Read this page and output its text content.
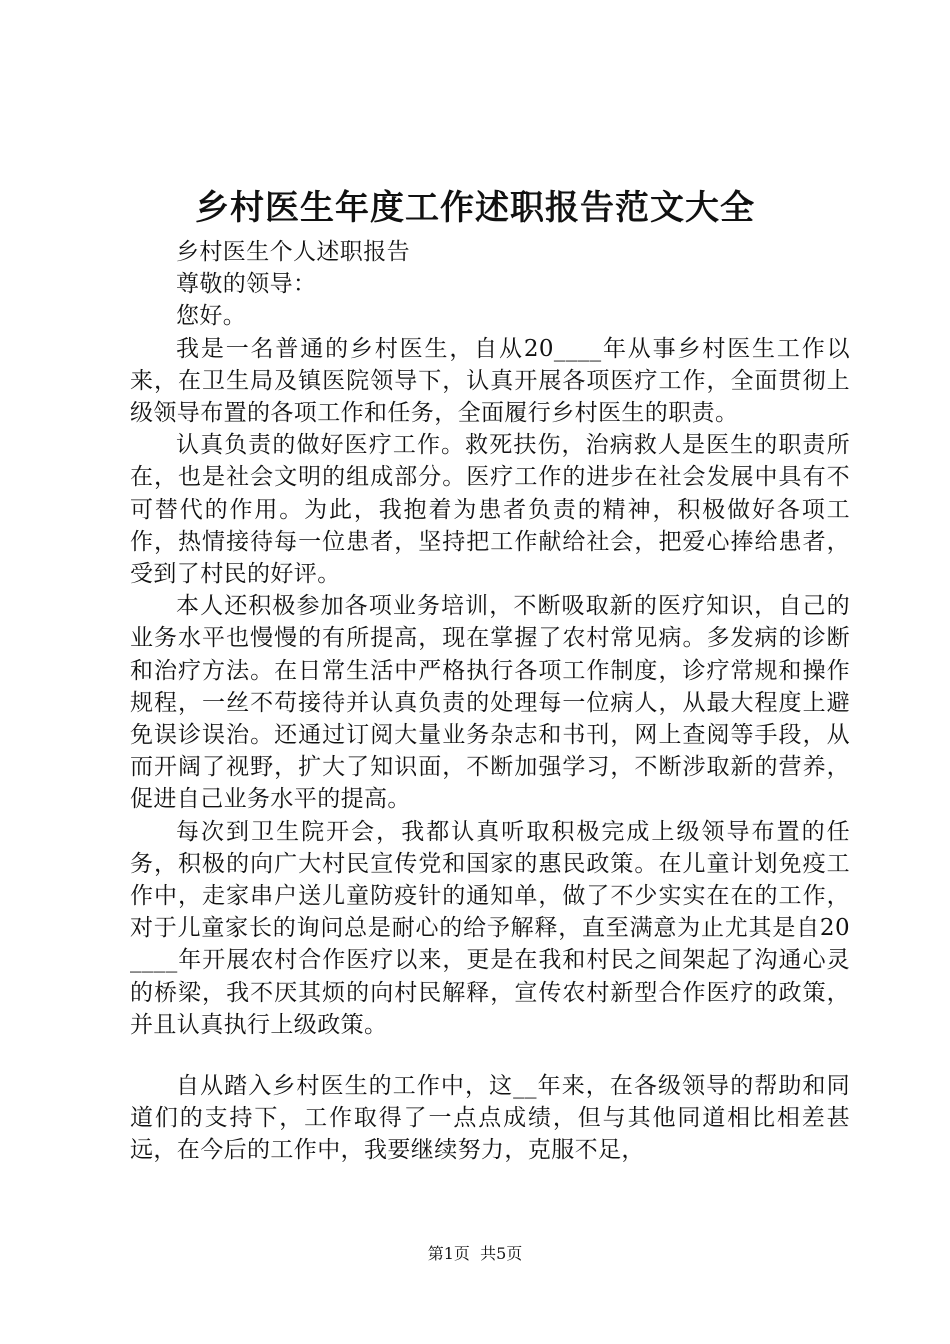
乡村医生年度工作述职报告范文大全

乡村医生个人述职报告

尊敬的领导：

您好。

我是一名普通的乡村医生，自从20____年从事乡村医生工作以来，在卫生局及镇医院领导下，认真开展各项医疗工作，全面贯彻上级领导布置的各项工作和任务，全面履行乡村医生的职责。

认真负责的做好医疗工作。救死扶伤，治病救人是医生的职责所在，也是社会文明的组成部分。医疗工作的进步在社会发展中具有不可替代的作用。为此，我抱着为患者负责的精神，积极做好各项工作，热情接待每一位患者，坚持把工作献给社会，把爱心捧给患者，受到了村民的好评。

本人还积极参加各项业务培训，不断吸取新的医疗知识，自己的业务水平也慢慢的有所提高，现在掌握了农村常见病。多发病的诊断和治疗方法。在日常生活中严格执行各项工作制度，诊疗常规和操作规程，一丝不苟接待并认真负责的处理每一位病人，从最大程度上避免误诊误治。还通过订阅大量业务杂志和书刊，网上查阅等手段，从而开阔了视野，扩大了知识面，不断加强学习，不断涉取新的营养，促进自己业务水平的提高。

每次到卫生院开会，我都认真听取积极完成上级领导布置的任务，积极的向广大村民宣传党和国家的惠民政策。在儿童计划免疫工作中，走家串户送儿童防疫针的通知单，做了不少实实在在的工作，对于儿童家长的询问总是耐心的给予解释，直至满意为止尤其是自20____年开展农村合作医疗以来，更是在我和村民之间架起了沟通心灵的桥梁，我不厌其烦的向村民解释，宣传农村新型合作医疗的政策，并且认真执行上级政策。

自从踏入乡村医生的工作中，这__年来，在各级领导的帮助和同道们的支持下，工作取得了一点点成绩，但与其他同道相比相差甚远，在今后的工作中，我要继续努力，克服不足，

第1页  共5页
